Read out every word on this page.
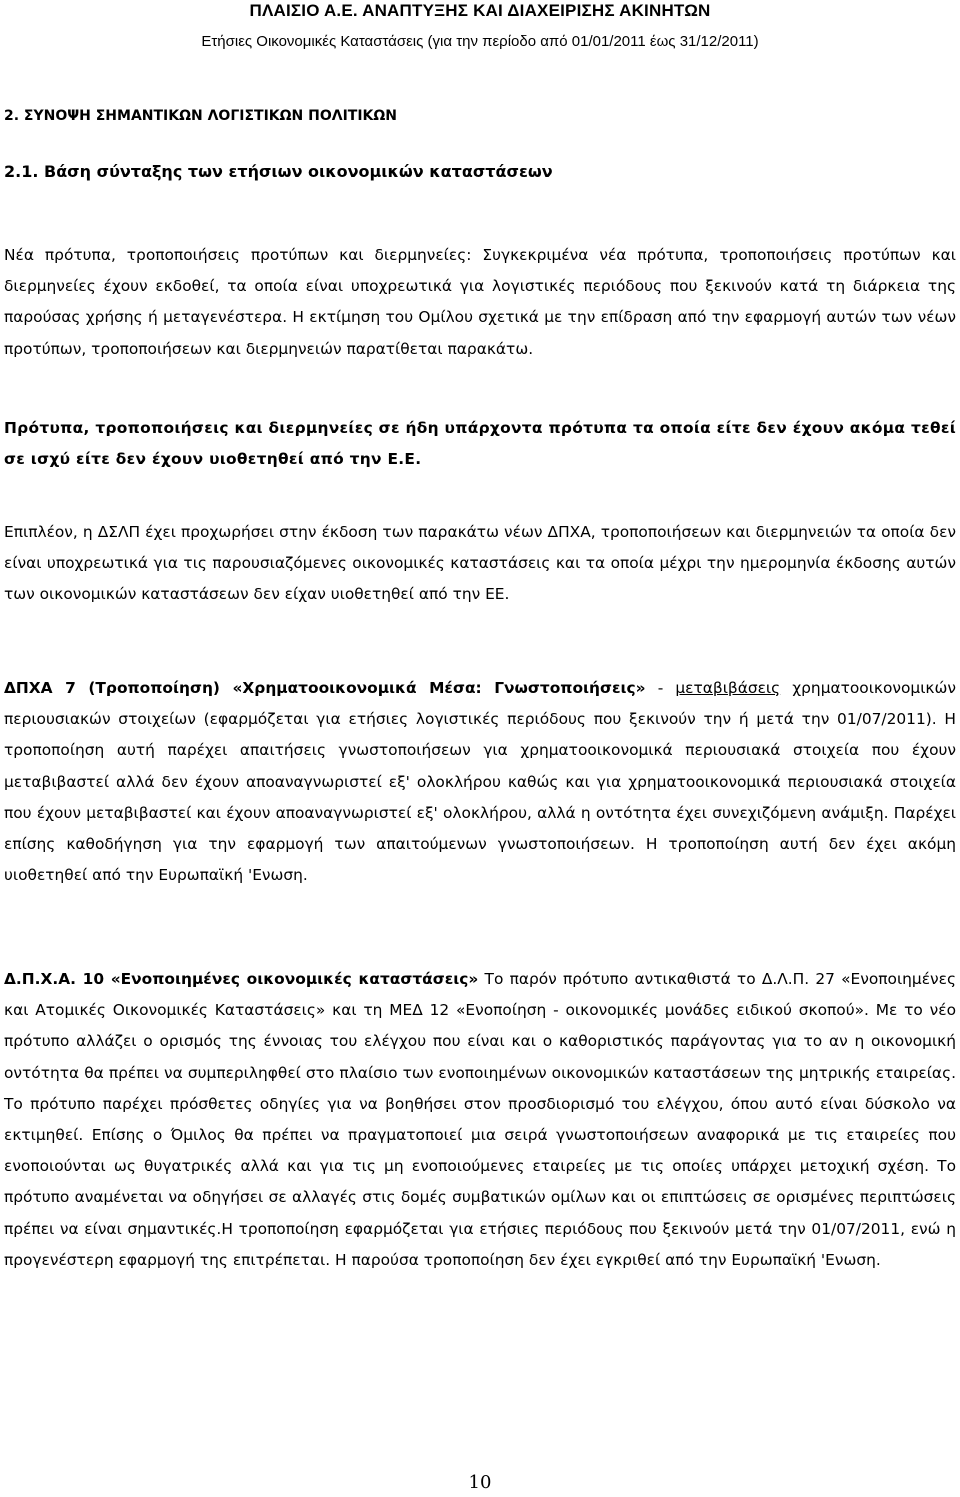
ΠΛΑΙΣΙΟ Α.Ε. ΑΝΑΠΤΥΞΗΣ ΚΑΙ ΔΙΑΧΕΙΡΙΣΗΣ ΑΚΙΝΗΤΩΝ
Ετήσιες Οικονομικές Καταστάσεις (για την περίοδο από 01/01/2011 έως 31/12/2011)
2. ΣΥΝΟΨΗ ΣΗΜΑΝΤΙΚΩΝ ΛΟΓΙΣΤΙΚΩΝ ΠΟΛΙΤΙΚΩΝ
2.1. Βάση σύνταξης των ετήσιων οικονομικών καταστάσεων

Νέα πρότυπα, τροποποιήσεις προτύπων και διερμηνείες: Συγκεκριμένα νέα πρότυπα, τροποποιήσεις προτύπων και διερμηνείες έχουν εκδοθεί, τα οποία είναι υποχρεωτικά για λογιστικές περιόδους που ξεκινούν κατά τη διάρκεια της παρούσας χρήσης ή μεταγενέστερα. Η εκτίμηση του Ομίλου σχετικά με την επίδραση από την εφαρμογή αυτών των νέων προτύπων, τροποποιήσεων και διερμηνειών παρατίθεται παρακάτω.

Πρότυπα, τροποποιήσεις και διερμηνείες σε ήδη υπάρχοντα πρότυπα τα οποία είτε δεν έχουν ακόμα τεθεί σε ισχύ είτε δεν έχουν υιοθετηθεί από την Ε.Ε.

Επιπλέον, η ΔΣΛΠ έχει προχωρήσει στην έκδοση των παρακάτω νέων ΔΠΧΑ, τροποποιήσεων και διερμηνειών τα οποία δεν είναι υποχρεωτικά για τις παρουσιαζόμενες οικονομικές καταστάσεις και τα οποία μέχρι την ημερομηνία έκδοσης αυτών των οικονομικών καταστάσεων δεν είχαν υιοθετηθεί από την ΕΕ.

ΔΠΧΑ 7 (Τροποποίηση) «Χρηματοοικονομικά Μέσα: Γνωστοποιήσεις» - μεταβιβάσεις χρηματοοικονομικών περιουσιακών στοιχείων (εφαρμόζεται για ετήσιες λογιστικές περιόδους που ξεκινούν την ή μετά την 01/07/2011). Η τροποποίηση αυτή παρέχει απαιτήσεις γνωστοποιήσεων για χρηματοοικονομικά περιουσιακά στοιχεία που έχουν μεταβιβαστεί αλλά δεν έχουν αποαναγνωριστεί εξ' ολοκλήρου καθώς και για χρηματοοικονομικά περιουσιακά στοιχεία που έχουν μεταβιβαστεί και έχουν αποαναγνωριστεί εξ' ολοκλήρου, αλλά η οντότητα έχει συνεχιζόμενη ανάμιξη. Παρέχει επίσης καθοδήγηση για την εφαρμογή των απαιτούμενων γνωστοποιήσεων. Η τροποποίηση αυτή δεν έχει ακόμη υιοθετηθεί από την Ευρωπαϊκή 'Ενωση.

Δ.Π.Χ.Α. 10 «Ενοποιημένες οικονομικές καταστάσεις» Το παρόν πρότυπο αντικαθιστά το Δ.Λ.Π. 27 «Ενοποιημένες και Ατομικές Οικονομικές Καταστάσεις» και τη ΜΕΔ 12 «Ενοποίηση - οικονομικές μονάδες ειδικού σκοπού». Με το νέο πρότυπο αλλάζει ο ορισμός της έννοιας του ελέγχου που είναι και ο καθοριστικός παράγοντας για το αν η οικονομική οντότητα θα πρέπει να συμπεριληφθεί στο πλαίσιο των ενοποιημένων οικονομικών καταστάσεων της μητρικής εταιρείας. Το πρότυπο παρέχει πρόσθετες οδηγίες για να βοηθήσει στον προσδιορισμό του ελέγχου, όπου αυτό είναι δύσκολο να εκτιμηθεί. Επίσης ο Όμιλος θα πρέπει να πραγματοποιεί μια σειρά γνωστοποιήσεων αναφορικά με τις εταιρείες που ενοποιούνται ως θυγατρικές αλλά και για τις μη ενοποιούμενες εταιρείες με τις οποίες υπάρχει μετοχική σχέση. Το πρότυπο αναμένεται να οδηγήσει σε αλλαγές στις δομές συμβατικών ομίλων και οι επιπτώσεις σε ορισμένες περιπτώσεις πρέπει να είναι σημαντικές.Η τροποποίηση εφαρμόζεται για ετήσιες περιόδους που ξεκινούν μετά την 01/07/2011, ενώ η προγενέστερη εφαρμογή της επιτρέπεται. Η παρούσα τροποποίηση δεν έχει εγκριθεί από την Ευρωπαϊκή 'Ενωση.

10
